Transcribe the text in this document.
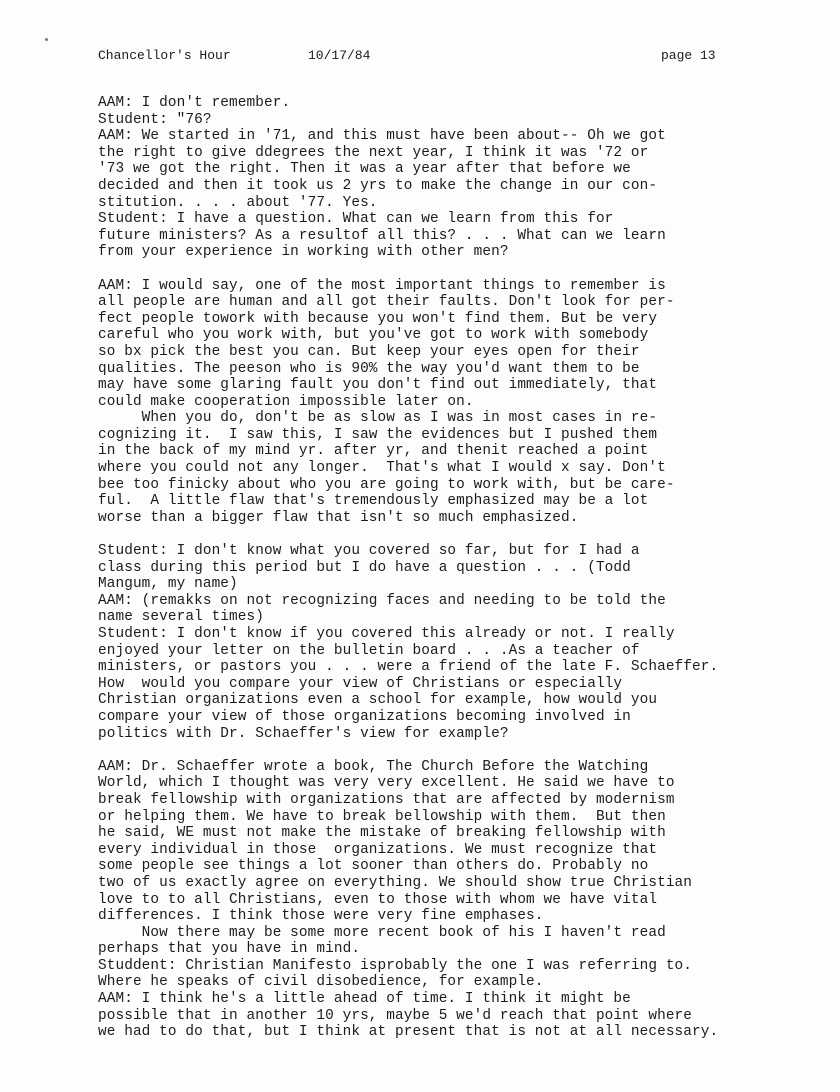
Chancellor's Hour	10/17/84	page 13
AAM: I don't remember.
Student: "76?
AAM: We started in '71, and this must have been about-- Oh we got
the right to give ddegrees the next year, I think it was '72 or
'73 we got the right. Then it was a year after that before we
decided and then it took us 2 yrs to make the change in our con-
stitution. . . . about '77. Yes.
Student: I have a question. What can we learn from this for
future ministers? As a resultof all this? . . . What can we learn
from your experience in working with other men?
AAM: I would say, one of the most important things to remember is
all people are human and all got their faults. Don't look for per-
fect people towork with because you won't find them. But be very
careful who you work with, but you've got to work with somebody
so bx pick the best you can. But keep your eyes open for their
qualities. The peeson who is 90% the way you'd want them to be
may have some glaring fault you don't find out immediately, that
could make cooperation impossible later on.
When you do, don't be as slow as I was in most cases in re-
cognizing it.  I saw this, I saw the evidences but I pushed them
in the back of my mind yr. after yr, and thenit reached a point
where you could not any longer.  That's what I would x say. Don't
bee too finicky about who you are going to work with, but be care-
ful.  A little flaw that's tremendously emphasized may be a lot
worse than a bigger flaw that isn't so much emphasized.
Student: I don't know what you covered so far, but for I had a
class during this period but I do have a question . . . (Todd
Mangum, my name)
AAM: (remakks on not recognizing faces and needing to be told the
name several times)
Student: I don't know if you covered this already or not. I really
enjoyed your letter on the bulletin board . . .As a teacher of
ministers, or pastors you . . . were a friend of the late F. Schaeffer.
How  would you compare your view of Christians or especially
Christian organizations even a school for example, how would you
compare your view of those organizations becoming involved in
politics with Dr. Schaeffer's view for example?
AAM: Dr. Schaeffer wrote a book, The Church Before the Watching
World, which I thought was very very excellent. He said we have to
break fellowship with organizations that are affected by modernism
or helping them. We have to break bellowship with them.  But then
he said, WE must not make the mistake of breaking fellowship with
every individual in those  organizations. We must recognize that
some people see things a lot sooner than others do. Probably no
two of us exactly agree on everything. We should show true Christian
love to to all Christians, even to those with whom we have vital
differences. I think those were very fine emphases.
Now there may be some more recent book of his I haven't read
perhaps that you have in mind.
Studdent: Christian Manifesto isprobably the one I was referring to.
Where he speaks of civil disobedience, for example.
AAM: I think he's a little ahead of time. I think it might be
possible that in another 10 yrs, maybe 5 we'd reach that point where
we had to do that, but I think at present that is not at all necessary.
